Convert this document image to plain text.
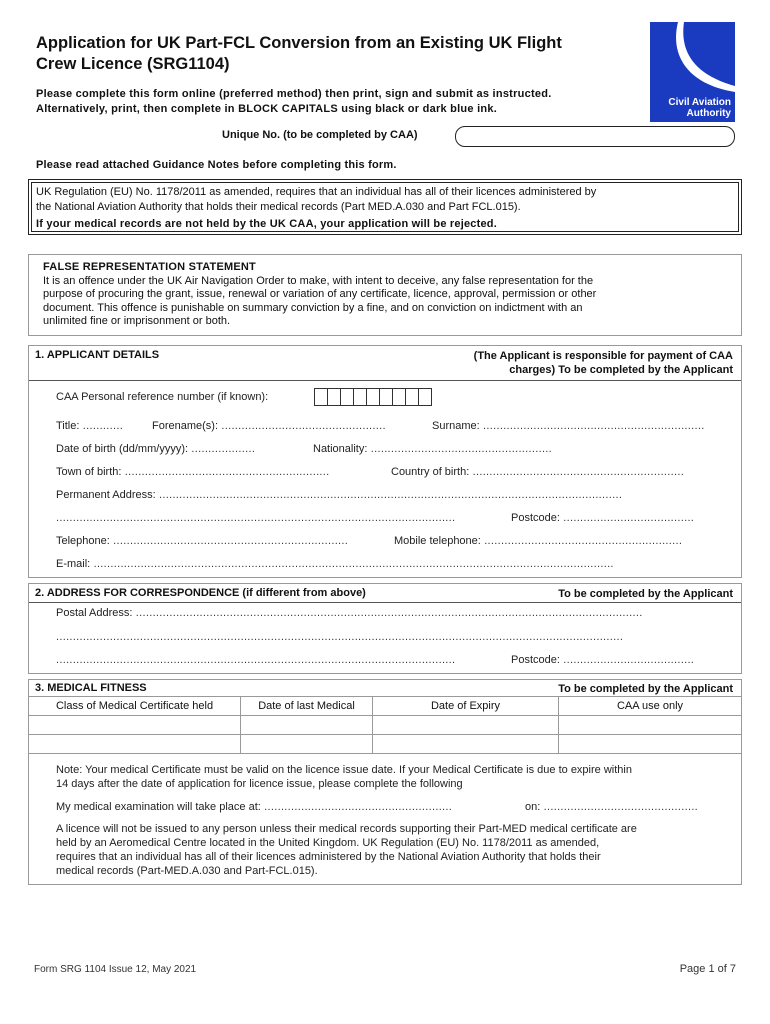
Application for UK Part-FCL Conversion from an Existing UK Flight
Crew Licence (SRG1104)
Please complete this form online (preferred method) then print, sign and submit as instructed.
Alternatively, print, then complete in BLOCK CAPITALS using black or dark blue ink.	Civil Aviation
Authority
Unique No. (to be completed by CAA)
Please read attached Guidance Notes before completing this form.
UK Regulation (EU) No. 1178/2011 as amended, requires that an individual has all of their licences administered by
the National Aviation Authority that holds their medical records (Part MED.A.030 and Part FCL.015).
If your medical records are not held by the UK CAA, your application will be rejected.
FALSE REPRESENTATION STATEMENT
It is an offence under the UK Air Navigation Order to make, with intent to deceive, any false representation for the
purpose of procuring the grant, issue, renewal or variation of any certificate, licence, approval, permission or other
document. This offence is punishable on summary conviction by a fine, and on conviction on indictment with an
unlimited fine or imprisonment or both.
1. APPLICANT DETAILS	(The Applicant is responsible for payment of CAA
charges) To be completed by the Applicant
CAA Personal reference number (if known):
Title: ............	Forename(s): .................................................	Surname: ..................................................................
Date of birth (dd/mm/yyyy): ...................	Nationality: ......................................................
Town of birth: .............................................................	Country of birth: ...............................................................
Permanent Address: ..........................................................................................................................................
.......................................................................................................................	Postcode: .......................................
Telephone: ......................................................................	Mobile telephone: ...........................................................
E-mail: ...........................................................................................................................................................
2. ADDRESS FOR CORRESPONDENCE (if different from above)	To be completed by the Applicant
Postal Address: .......................................................................................................................................................
.........................................................................................................................................................................
.......................................................................................................................	Postcode: .......................................
3. MEDICAL FITNESS	To be completed by the Applicant
Class of Medical Certificate held	Date of last Medical	Date of Expiry	CAA use only

Note: Your medical Certificate must be valid on the licence issue date. If your Medical Certificate is due to expire within
14 days after the date of application for licence issue, please complete the following
My medical examination will take place at: ........................................................	on: ..............................................
A licence will not be issued to any person unless their medical records supporting their Part-MED medical certificate are
held by an Aeromedical Centre located in the United Kingdom. UK Regulation (EU) No. 1178/2011 as amended,
requires that an individual has all of their licences administered by the National Aviation Authority that holds their
medical records (Part-MED.A.030 and Part-FCL.015).
Form SRG 1104 Issue 12, May 2021	Page 1 of 7
